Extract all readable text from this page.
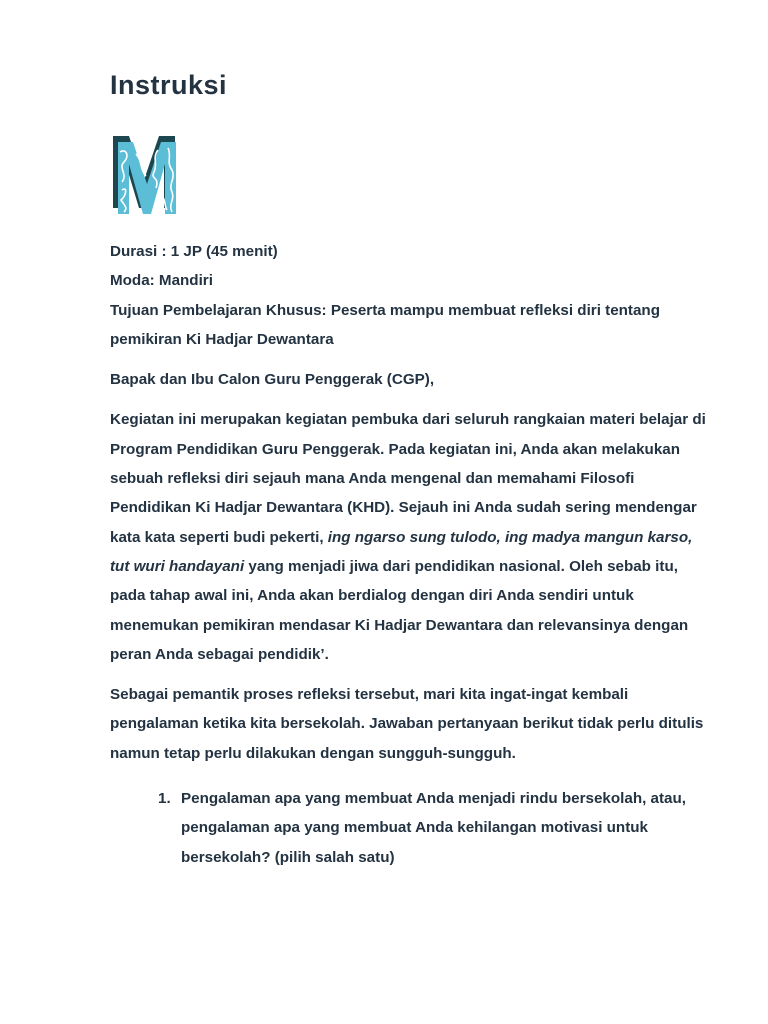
Instruksi

Durasi : 1 JP (45 menit)

Moda: Mandiri

Tujuan Pembelajaran Khusus: Peserta mampu membuat refleksi diri tentang pemikiran Ki Hadjar Dewantara

Bapak dan Ibu Calon Guru Penggerak (CGP),

Kegiatan ini merupakan kegiatan pembuka dari seluruh rangkaian materi belajar di Program Pendidikan Guru Penggerak. Pada kegiatan ini, Anda akan melakukan sebuah refleksi diri sejauh mana Anda mengenal dan memahami Filosofi Pendidikan Ki Hadjar Dewantara (KHD). Sejauh ini Anda sudah sering mendengar kata kata seperti budi pekerti, ing ngarso sung tulodo, ing madya mangun karso, tut wuri handayani yang menjadi jiwa dari pendidikan nasional. Oleh sebab itu, pada tahap awal ini, Anda akan berdialog dengan diri Anda sendiri untuk menemukan pemikiran mendasar Ki Hadjar Dewantara dan relevansinya dengan peran Anda sebagai pendidik’.

Sebagai pemantik proses refleksi tersebut, mari kita ingat-ingat kembali pengalaman ketika kita bersekolah. Jawaban pertanyaan berikut tidak perlu ditulis namun tetap perlu dilakukan dengan sungguh-sungguh.

1. Pengalaman apa yang membuat Anda menjadi rindu bersekolah, atau, pengalaman apa yang membuat Anda kehilangan motivasi untuk bersekolah? (pilih salah satu)
